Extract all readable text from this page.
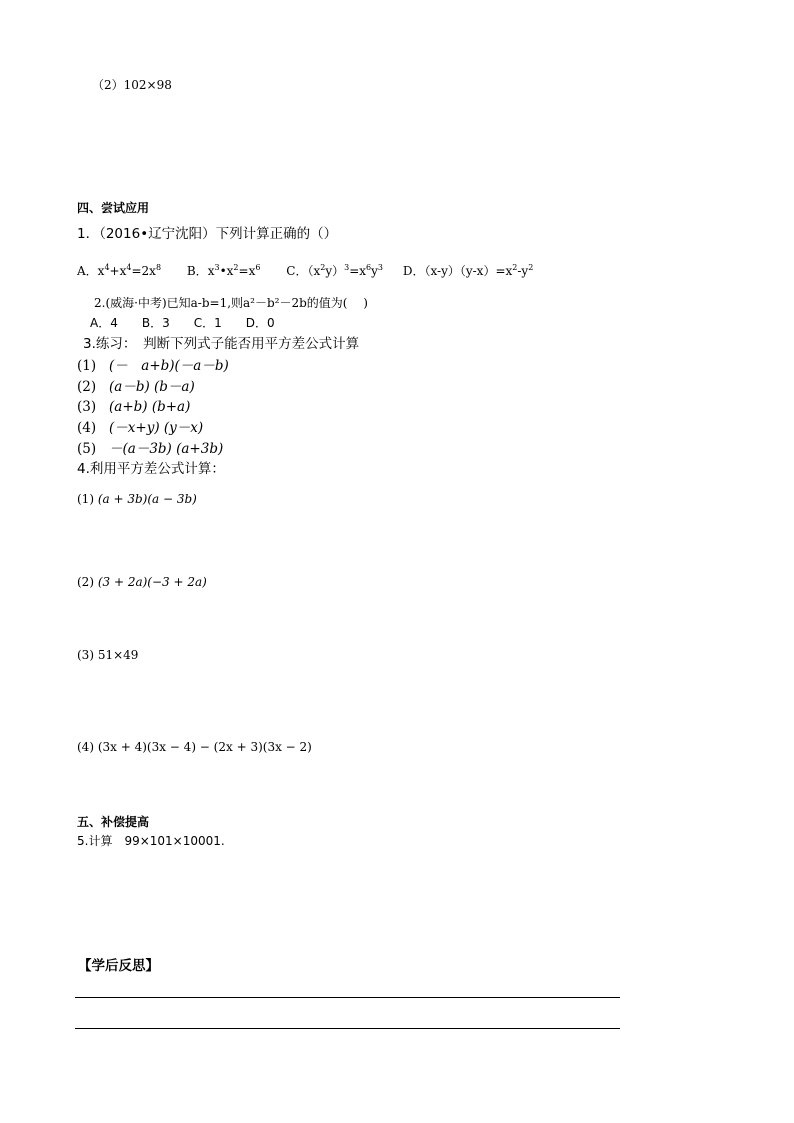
（2）102×98
四、尝试应用
1．（2016•辽宁沈阳）下列计算正确的（）
A．$x^4+x^4=2x^8$ B．$x^3•x^2=x^6$ C．$(x^2y)^3=x^6y^3$ D．$(x-y)(y-x)=x^2-y^2$
2.(威海·中考)已知a-b=1,则a²－b²－2b的值为(　 )
A．4　　B．3　　C．1　　D．0
3.练习：　判断下列式子能否用平方差公式计算
(1) (－　a+b)(－a－b)
(2) (a－b) (b－a)
(3) (a+b) (b+a)
(4) (－x+y) (y－x)
(5) －(a－3b) (a+3b)
4.利用平方差公式计算：
(1) (a + 3b)(a − 3b)
(2) (3 + 2a)(−3 + 2a)
(3) 51×49
(4) (3x + 4)(3x − 4) − (2x + 3)(3x − 2)
五、补偿提高
5.计算　99×101×10001.
【学后反思】
